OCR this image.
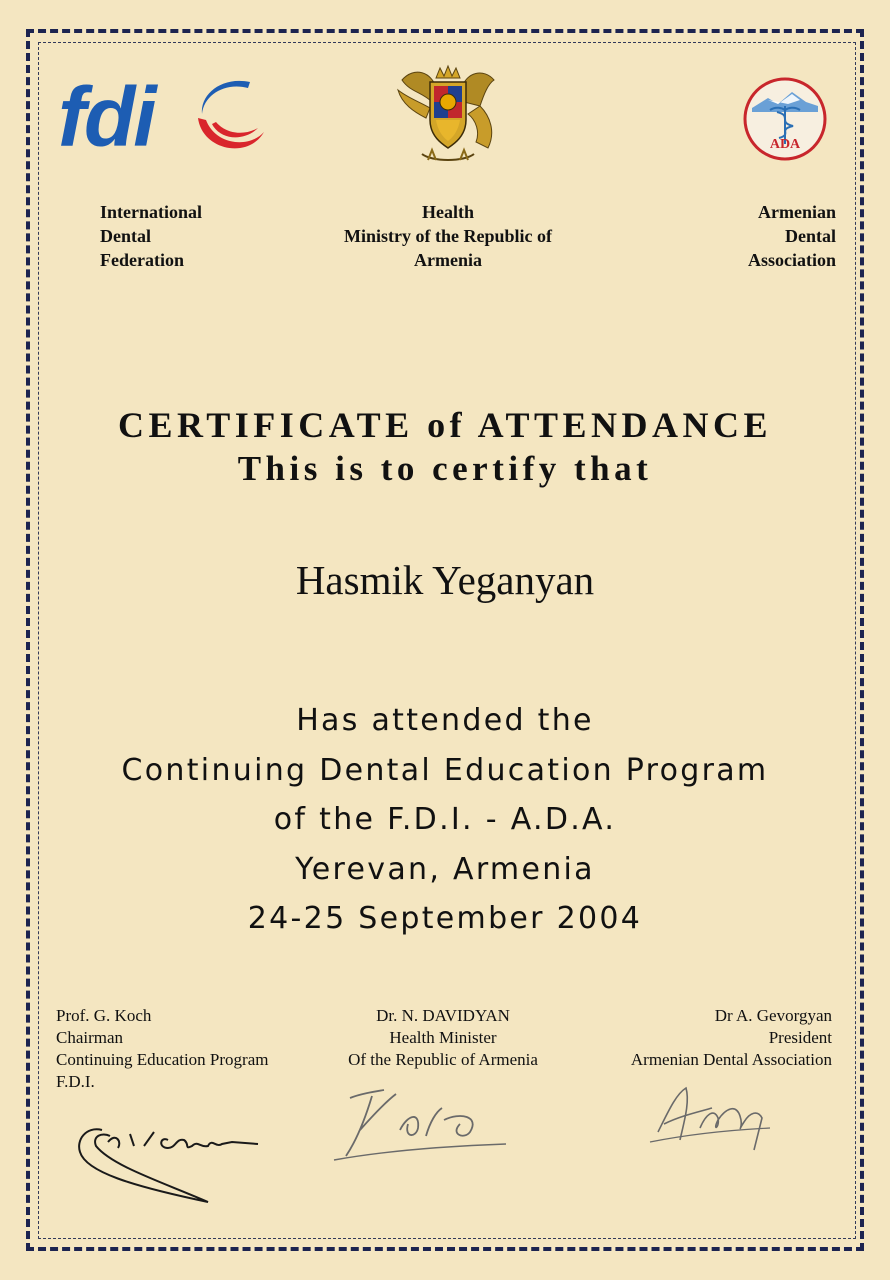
fdi	ADA
International
Dental
Federation
Health
Ministry of the Republic of
Armenia
Armenian
Dental
Association
CERTIFICATE of ATTENDANCE
This is to certify that
Hasmik Yeganyan
Has attended the
Continuing Dental Education Program
of the F.D.I. - A.D.A.
Yerevan, Armenia
24-25 September 2004
Prof. G. Koch
Chairman
Continuing Education Program
F.D.I.
Dr. N. DAVIDYAN
Health Minister
Of the Republic of Armenia
Dr A. Gevorgyan
President
Armenian Dental Association
